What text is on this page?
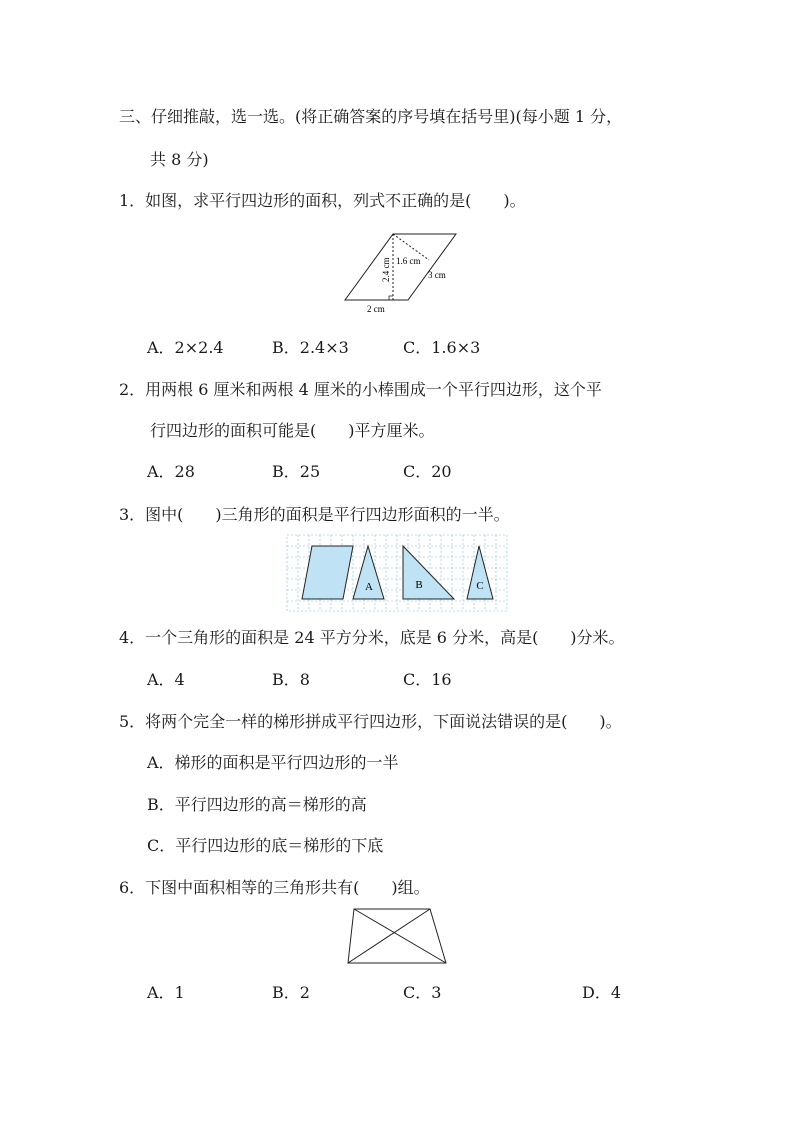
三、仔细推敲，选一选。(将正确答案的序号填在括号里)(每小题 1 分，
共 8 分)
1．如图，求平行四边形的面积，列式不正确的是(　　)。
2.4 cm 1.6 cm
3 cm
2 cm
A．2×2.4	B．2.4×3	C．1.6×3
2．用两根 6 厘米和两根 4 厘米的小棒围成一个平行四边形，这个平
行四边形的面积可能是(　　)平方厘米。
A．28	B．25	C．20
3．图中(　　)三角形的面积是平行四边形面积的一半。
A	B	C
4．一个三角形的面积是 24 平方分米，底是 6 分米，高是(　　)分米。
A．4	B．8	C．16
5．将两个完全一样的梯形拼成平行四边形，下面说法错误的是(　　)。
A．梯形的面积是平行四边形的一半
B．平行四边形的高＝梯形的高
C．平行四边形的底＝梯形的下底
6．下图中面积相等的三角形共有(　　)组。
A．1	B．2	C．3	D．4
